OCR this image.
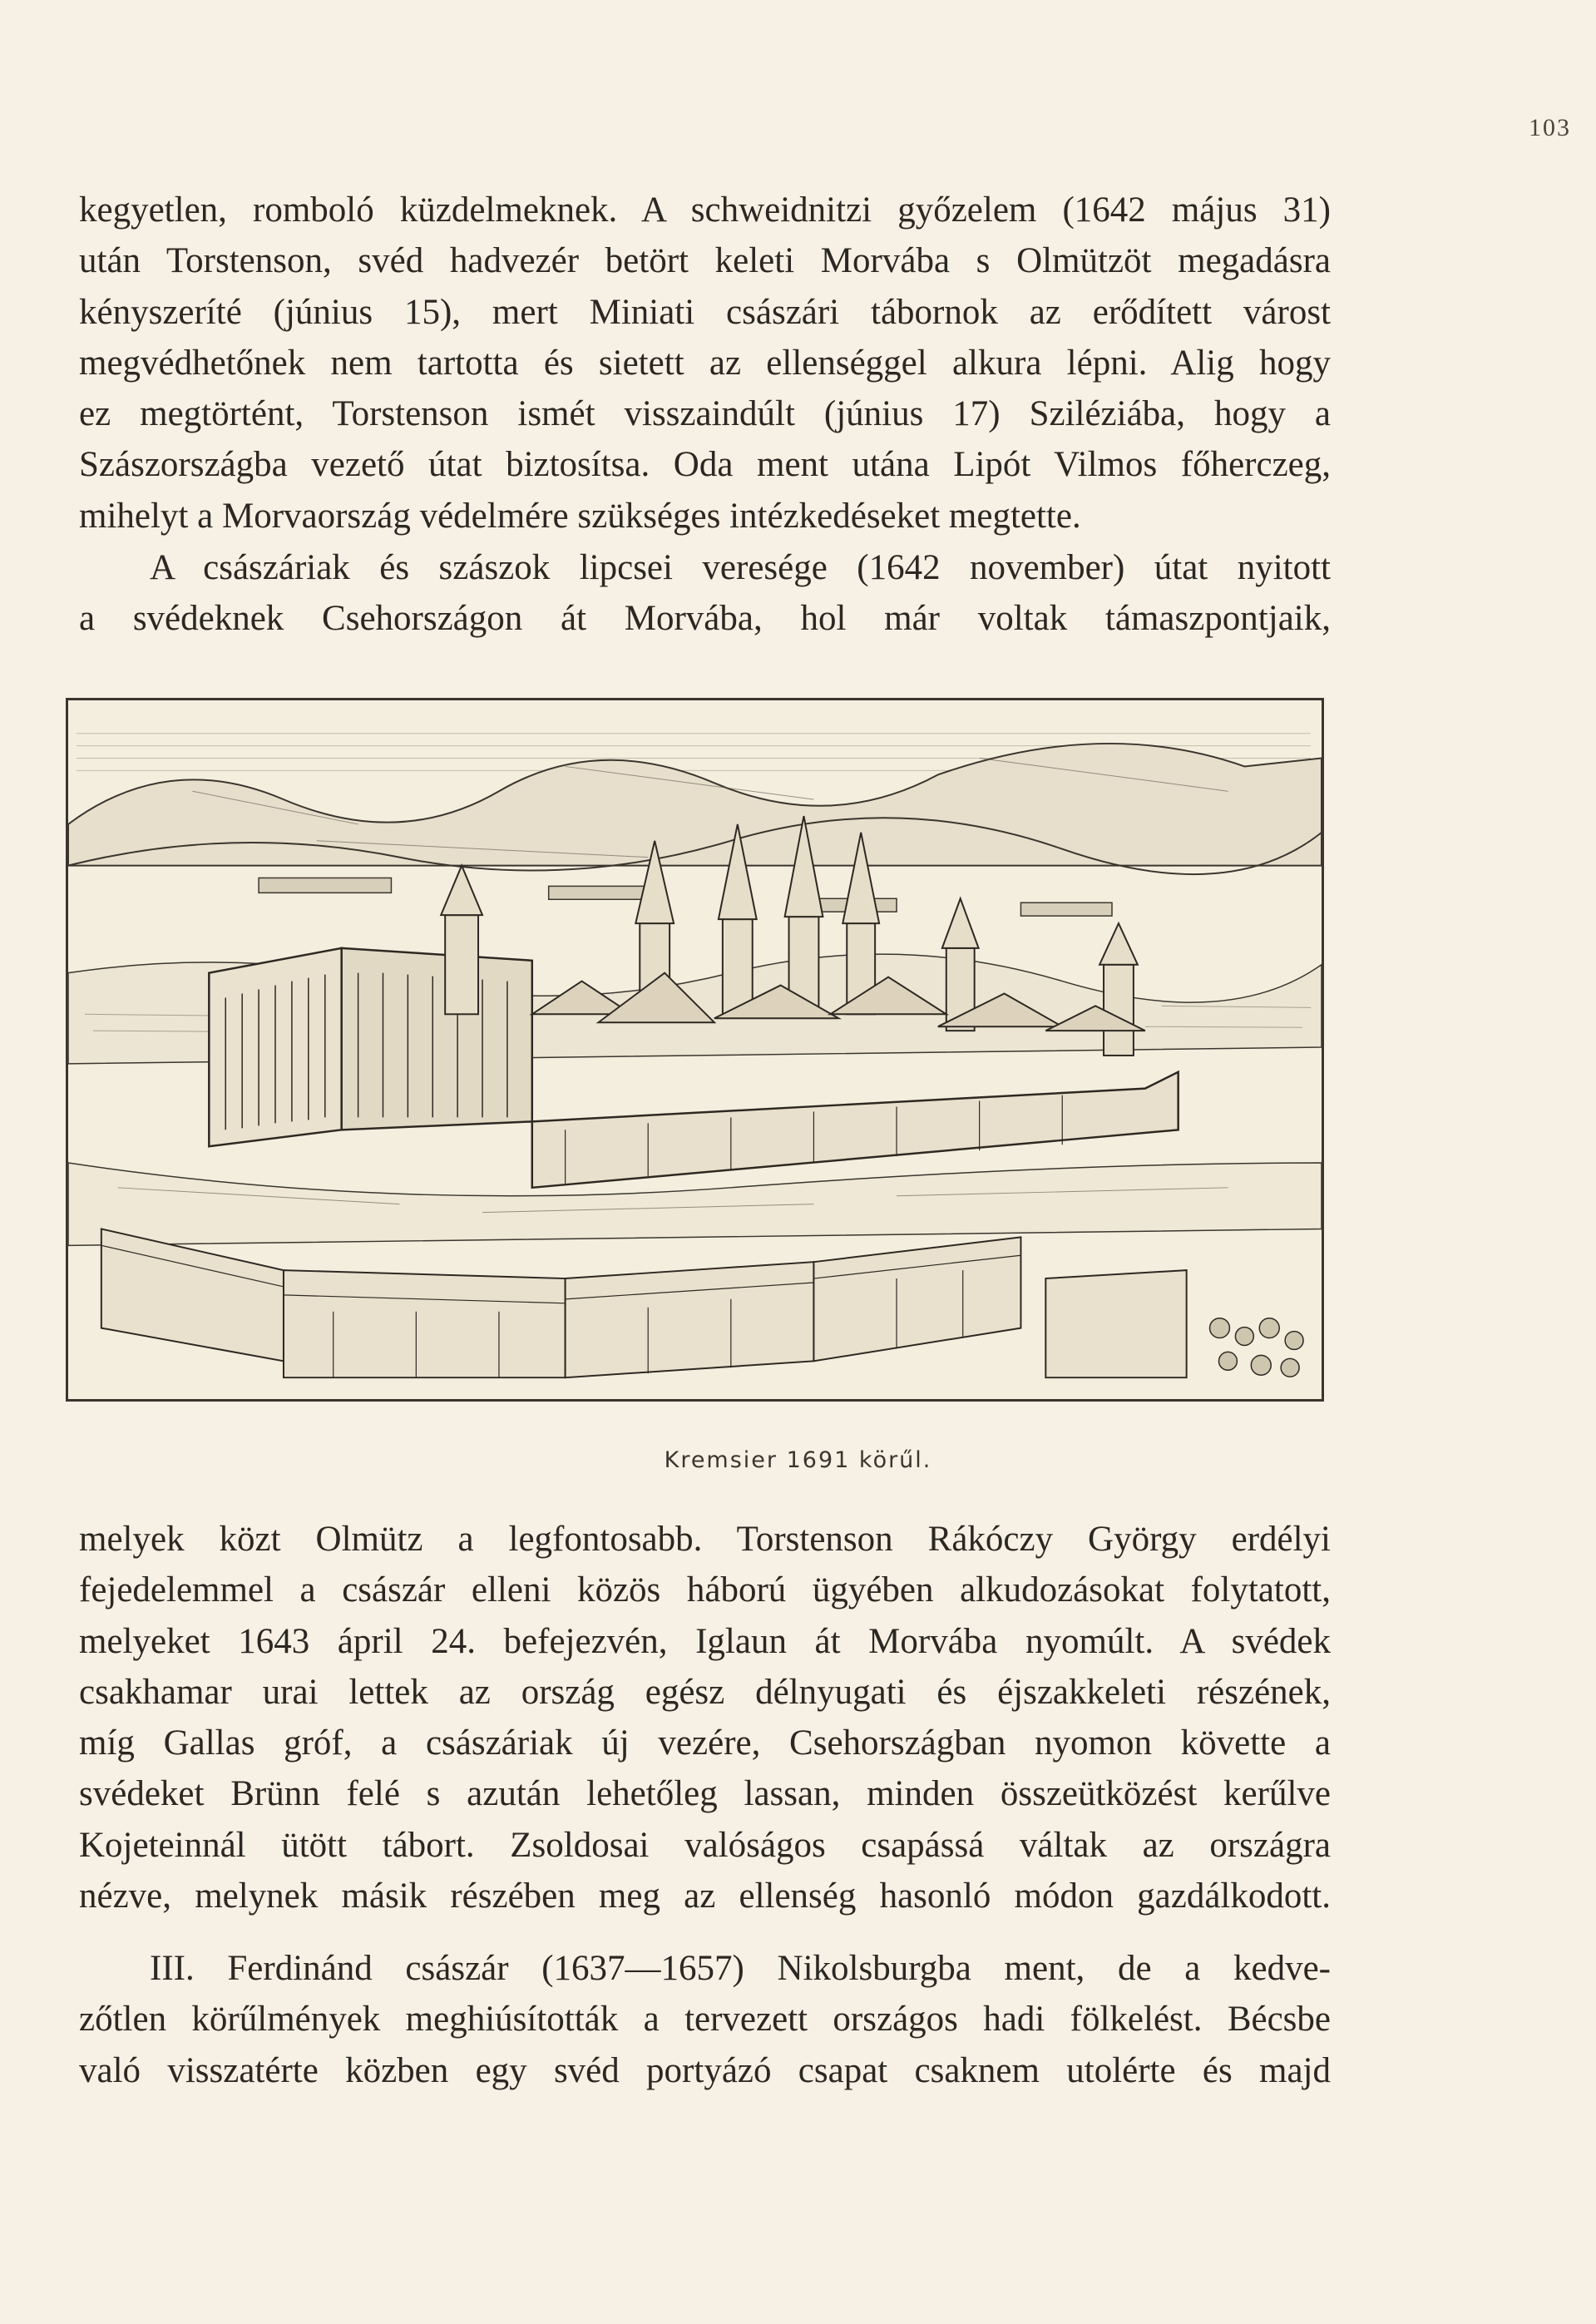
103
kegyetlen, romboló küzdelmeknek. A schweidnitzi győzelem (1642 május 31)
után Torstenson, svéd hadvezér betört keleti Morvába s Olmützöt megadásra
kényszeríté (június 15), mert Miniati császári tábornok az erődített várost
megvédhetőnek nem tartotta és sietett az ellenséggel alkura lépni. Alig hogy
ez megtörtént, Torstenson ismét visszaindúlt (június 17) Sziléziába, hogy a
Szászországba vezető útat biztosítsa. Oda ment utána Lipót Vilmos főherczeg,
mihelyt a Morvaország védelmére szükséges intézkedéseket megtette.
A császáriak és szászok lipcsei veresége (1642 november) útat nyitott
a svédeknek Csehországon át Morvába, hol már voltak támaszpontjaik,
Kremsier 1691 körűl.
melyek közt Olmütz a legfontosabb. Torstenson Rákóczy György erdélyi
fejedelemmel a császár elleni közös háború ügyében alkudozásokat folytatott,
melyeket 1643 ápril 24. befejezvén, Iglaun át Morvába nyomúlt. A svédek
csakhamar urai lettek az ország egész délnyugati és éjszakkeleti részének,
míg Gallas gróf, a császáriak új vezére, Csehországban nyomon követte a
svédeket Brünn felé s azután lehetőleg lassan, minden összeütközést kerűlve
Kojeteinnál ütött tábort. Zsoldosai valóságos csapássá váltak az országra
nézve, melynek másik részében meg az ellenség hasonló módon gazdálkodott.
III. Ferdinánd császár (1637—1657) Nikolsburgba ment, de a kedve-
zőtlen körűlmények meghiúsították a tervezett országos hadi fölkelést. Bécsbe
való visszatérte közben egy svéd portyázó csapat csaknem utolérte és majd
